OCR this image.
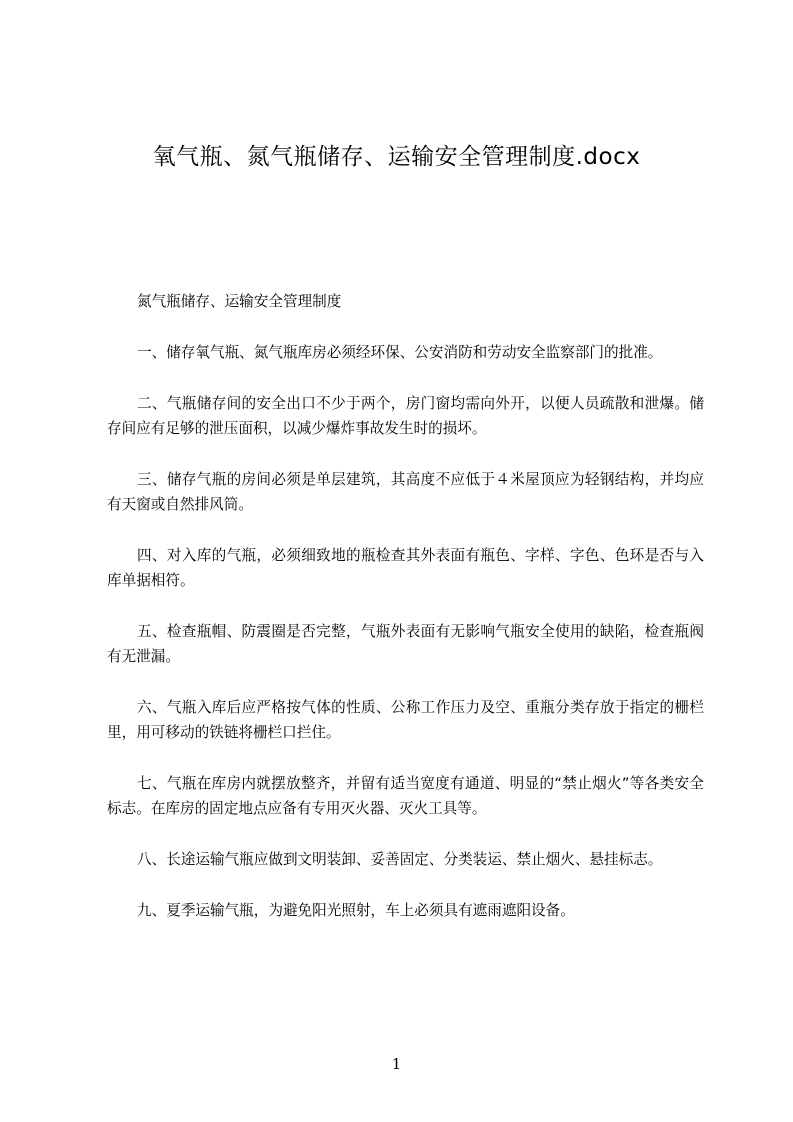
氧气瓶、氮气瓶储存、运输安全管理制度.docx

氮气瓶储存、运输安全管理制度

一、储存氧气瓶、氮气瓶库房必须经环保、公安消防和劳动安全监察部门的批准。

二、气瓶储存间的安全出口不少于两个，房门窗均需向外开，以便人员疏散和泄爆。储存间应有足够的泄压面积，以减少爆炸事故发生时的损坏。

三、储存气瓶的房间必须是单层建筑，其高度不应低于４米屋顶应为轻钢结构，并均应有天窗或自然排风筒。

四、对入库的气瓶，必须细致地的瓶检查其外表面有瓶色、字样、字色、色环是否与入库单据相符。

五、检查瓶帽、防震圈是否完整，气瓶外表面有无影响气瓶安全使用的缺陷，检查瓶阀有无泄漏。

六、气瓶入库后应严格按气体的性质、公称工作压力及空、重瓶分类存放于指定的栅栏里，用可移动的铁链将栅栏口拦住。

七、气瓶在库房内就摆放整齐，并留有适当宽度有通道、明显的“禁止烟火”等各类安全标志。在库房的固定地点应备有专用灭火器、灭火工具等。

八、长途运输气瓶应做到文明装卸、妥善固定、分类装运、禁止烟火、悬挂标志。

九、夏季运输气瓶，为避免阳光照射，车上必须具有遮雨遮阳设备。

1
